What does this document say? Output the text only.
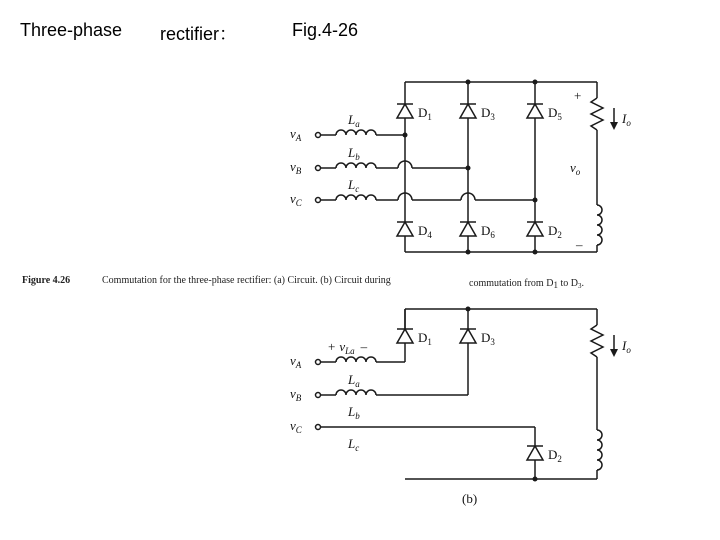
Three-phase rectifier：	Fig.4-26
$v_A$
$v_B$
$v_C$
$L_a$
$L_b$
$L_c$
$D_1$	$D_3$	$D_5$
$D_4$	$D_6$	$D_2$
+
–
$v_o$
$I_o$
Figure 4.26	Commutation for the three-phase rectifier: (a) Circuit. (b) Circuit during	commutation from D1 to $D_3$.
$v_A$
$v_B$
$v_C$
+ $v_{La}$ –
$L_a$
$L_b$
$L_c$
$D_1$	$D_3$
$D_2$
$I_o$
(b)
